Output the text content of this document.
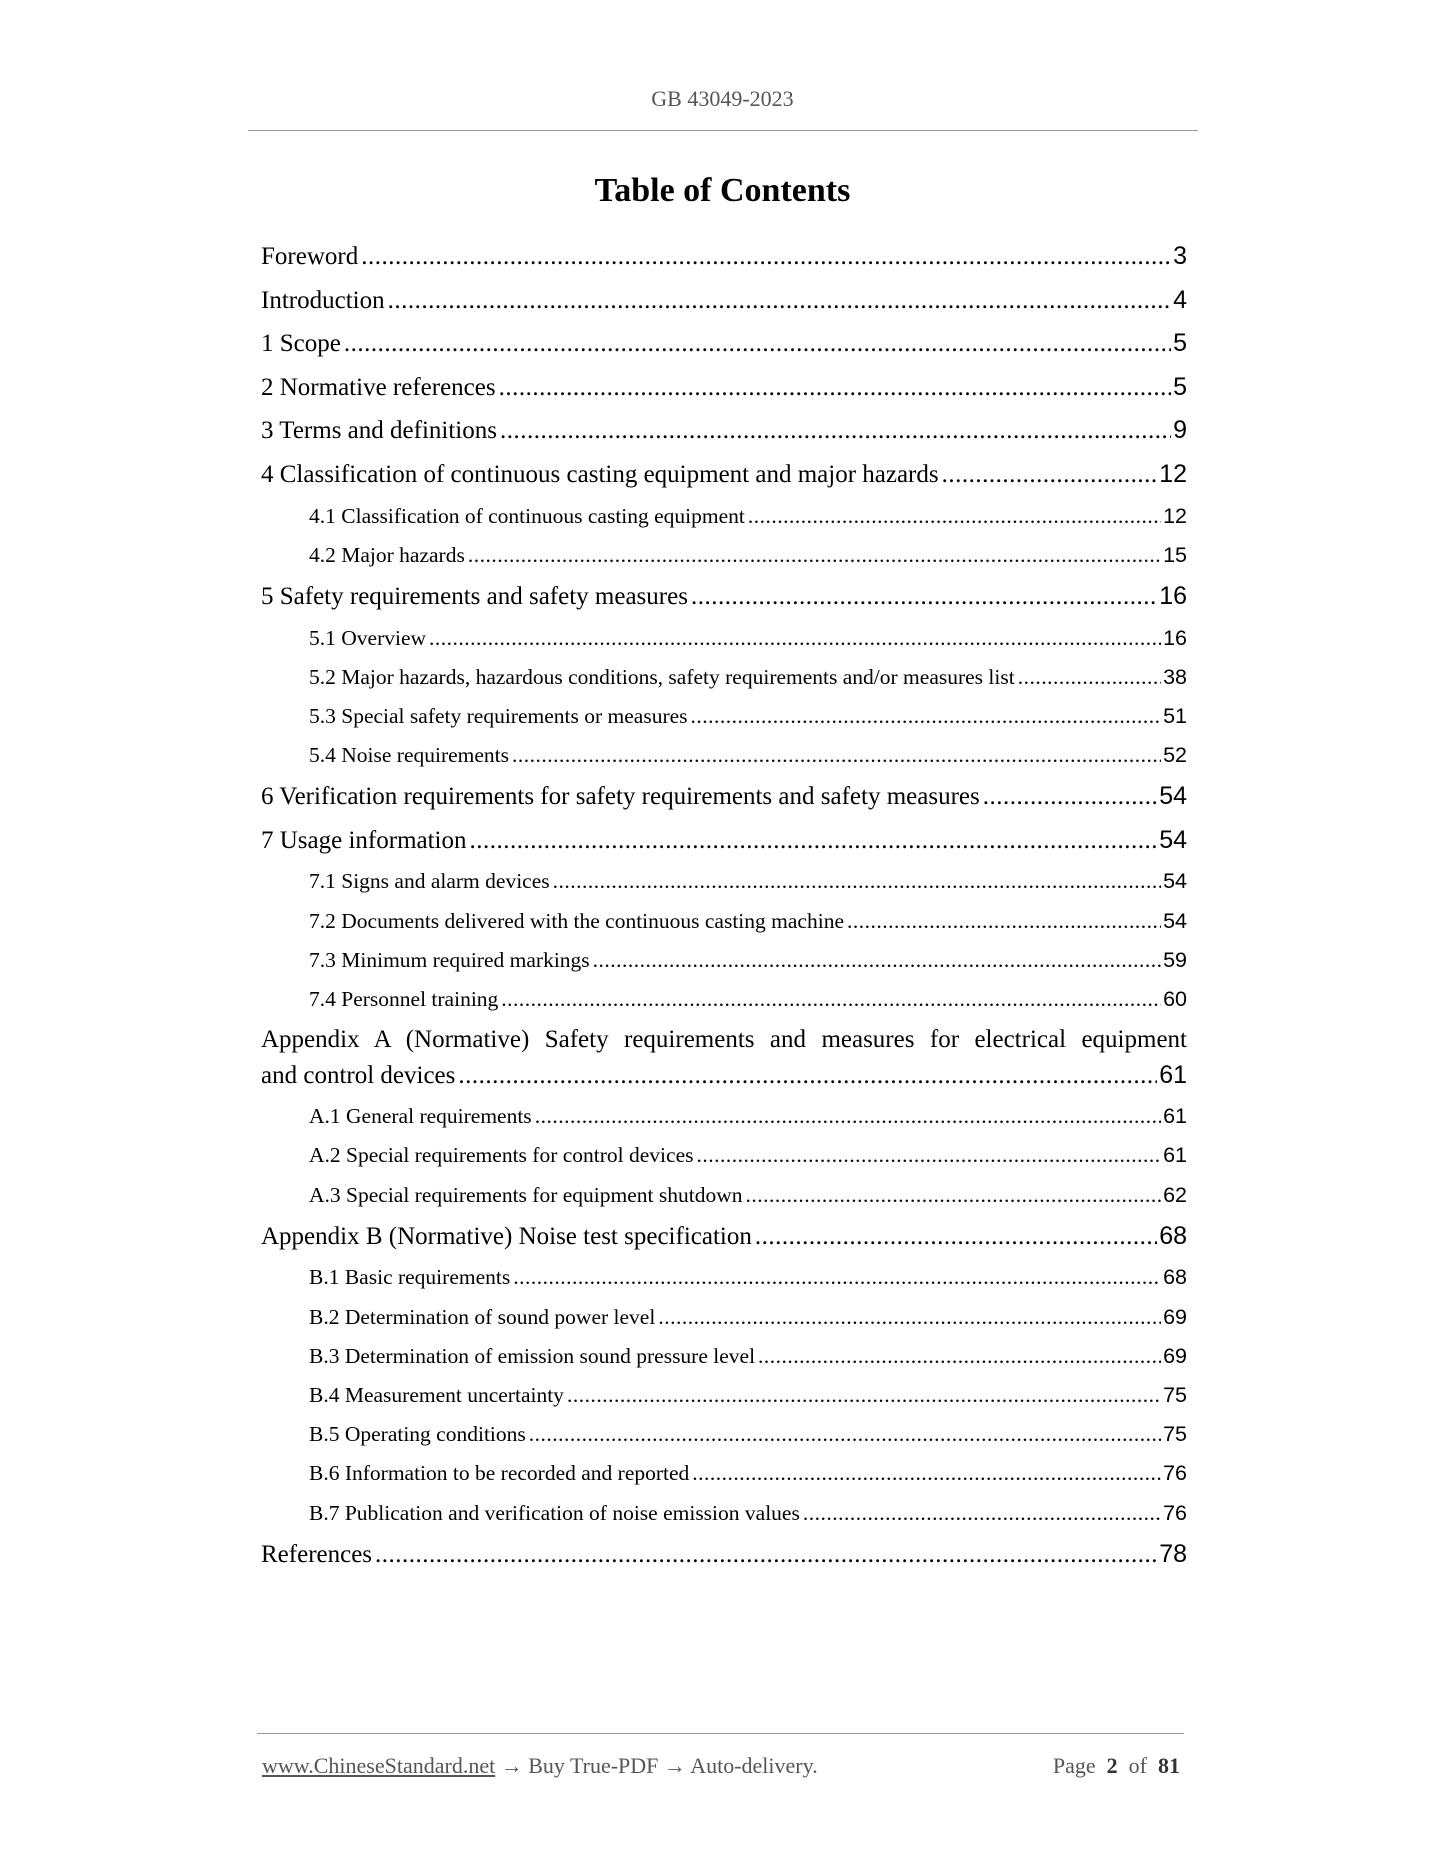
GB 43049-2023
Table of Contents
Foreword .....	3
Introduction .....	4
1 Scope .....	5
2 Normative references .....	5
3 Terms and definitions .....	9
4 Classification of continuous casting equipment and major hazards .....	12
4.1 Classification of continuous casting equipment .....	12
4.2 Major hazards .....	15
5 Safety requirements and safety measures .....	16
5.1 Overview .....	16
5.2 Major hazards, hazardous conditions, safety requirements and/or measures list .....	38
5.3 Special safety requirements or measures .....	51
5.4 Noise requirements .....	52
6 Verification requirements for safety requirements and safety measures .....	54
7 Usage information .....	54
7.1 Signs and alarm devices .....	54
7.2 Documents delivered with the continuous casting machine .....	54
7.3 Minimum required markings .....	59
7.4 Personnel training .....	60
Appendix A (Normative) Safety requirements and measures for electrical equipment
and control devices .....	61
A.1 General requirements .....	61
A.2 Special requirements for control devices .....	61
A.3 Special requirements for equipment shutdown .....	62
Appendix B (Normative) Noise test specification .....	68
B.1 Basic requirements .....	68
B.2 Determination of sound power level .....	69
B.3 Determination of emission sound pressure level .....	69
B.4 Measurement uncertainty .....	75
B.5 Operating conditions .....	75
B.6 Information to be recorded and reported .....	76
B.7 Publication and verification of noise emission values .....	76
References .....	78
www.ChineseStandard.net → Buy True-PDF → Auto-delivery.	Page 2 of 81
